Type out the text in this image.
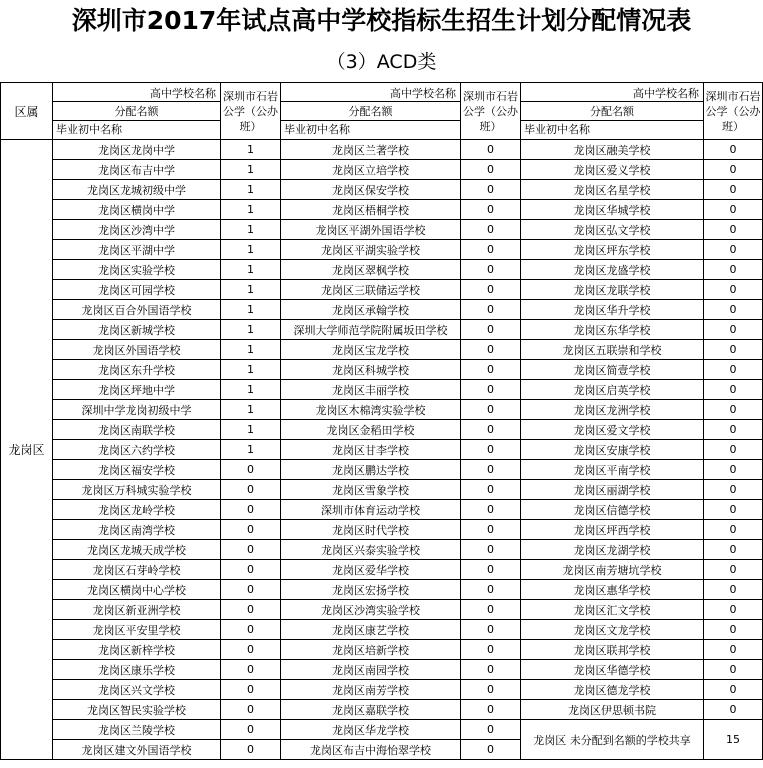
深圳市2017年试点高中学校指标生招生计划分配情况表
（3）ACD类
区属	高中学校名称
分配名额
毕业初中名称	深圳市石岩公学（公办班）	高中学校名称
分配名额
毕业初中名称	深圳市石岩公学（公办班）	高中学校名称
分配名额
毕业初中名称	深圳市石岩公学（公办班）
龙岗区	龙岗区龙岗中学	1	龙岗区兰著学校	0	龙岗区融美学校	0
	龙岗区布吉中学	1	龙岗区立培学校	0	龙岗区爱义学校	0
	龙岗区龙城初级中学	1	龙岗区保安学校	0	龙岗区名星学校	0
	龙岗区横岗中学	1	龙岗区梧桐学校	0	龙岗区华城学校	0
	龙岗区沙湾中学	1	龙岗区平湖外国语学校	0	龙岗区弘文学校	0
	龙岗区平湖中学	1	龙岗区平湖实验学校	0	龙岗区坪东学校	0
	龙岗区实验学校	1	龙岗区翠枫学校	0	龙岗区龙盛学校	0
	龙岗区可园学校	1	龙岗区三联储运学校	0	龙岗区龙联学校	0
	龙岗区百合外国语学校	1	龙岗区承翰学校	0	龙岗区华升学校	0
	龙岗区新城学校	1	深圳大学师范学院附属坂田学校	0	龙岗区东华学校	0
	龙岗区外国语学校	1	龙岗区宝龙学校	0	龙岗区五联崇和学校	0
	龙岗区东升学校	1	龙岗区科城学校	0	龙岗区简壹学校	0
	龙岗区坪地中学	1	龙岗区丰丽学校	0	龙岗区启英学校	0
	深圳中学龙岗初级中学	1	龙岗区木棉湾实验学校	0	龙岗区龙洲学校	0
	龙岗区南联学校	1	龙岗区金稻田学校	0	龙岗区爱文学校	0
	龙岗区六约学校	1	龙岗区甘李学校	0	龙岗区安康学校	0
	龙岗区福安学校	0	龙岗区鹏达学校	0	龙岗区平南学校	0
	龙岗区万科城实验学校	0	龙岗区雪象学校	0	龙岗区丽湖学校	0
	龙岗区龙岭学校	0	深圳市体育运动学校	0	龙岗区信德学校	0
	龙岗区南湾学校	0	龙岗区时代学校	0	龙岗区坪西学校	0
	龙岗区龙城天成学校	0	龙岗区兴泰实验学校	0	龙岗区龙湖学校	0
	龙岗区石芽岭学校	0	龙岗区爱华学校	0	龙岗区南芳塘坑学校	0
	龙岗区横岗中心学校	0	龙岗区宏扬学校	0	龙岗区惠华学校	0
	龙岗区新亚洲学校	0	龙岗区沙湾实验学校	0	龙岗区汇文学校	0
	龙岗区平安里学校	0	龙岗区康艺学校	0	龙岗区文龙学校	0
	龙岗区新梓学校	0	龙岗区培新学校	0	龙岗区联邦学校	0
	龙岗区康乐学校	0	龙岗区南园学校	0	龙岗区华德学校	0
	龙岗区兴文学校	0	龙岗区南芳学校	0	龙岗区德龙学校	0
	龙岗区智民实验学校	0	龙岗区嘉联学校	0	龙岗区伊思顿书院	0
	龙岗区兰陵学校	0	龙岗区华龙学校	0	龙岗区 未分配到名额的学校共享	15
	龙岗区建文外国语学校	0	龙岗区布吉中海怡翠学校	0		
